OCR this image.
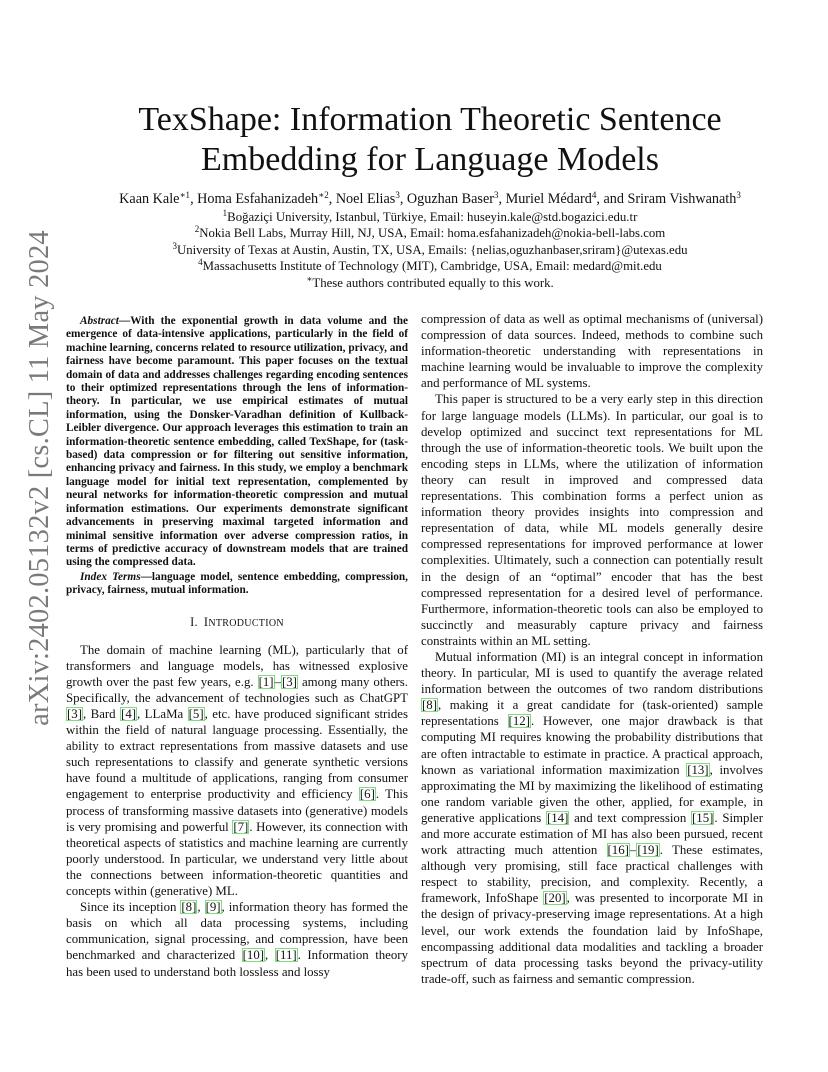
arXiv:2402.05132v2 [cs.CL] 11 May 2024
TexShape: Information Theoretic Sentence Embedding for Language Models
Kaan Kale$^{∗1}$, Homa Esfahanizadeh$^{∗2}$, Noel Elias$^3$, Oguzhan Baser$^3$, Muriel Médard$^4$, and Sriram Vishwanath$^3$
$^1$Boğaziçi University, Istanbul, Türkiye, Email: huseyin.kale@std.bogazici.edu.tr
$^2$Nokia Bell Labs, Murray Hill, NJ, USA, Email: homa.esfahanizadeh@nokia-bell-labs.com
$^3$University of Texas at Austin, Austin, TX, USA, Emails: {nelias,oguzhanbaser,sriram}@utexas.edu
$^4$Massachusetts Institute of Technology (MIT), Cambridge, USA, Email: medard@mit.edu
∗These authors contributed equally to this work.

Abstract—With the exponential growth in data volume and the emergence of data-intensive applications, particularly in the field of machine learning, concerns related to resource utilization, privacy, and fairness have become paramount. This paper focuses on the textual domain of data and addresses challenges regarding encoding sentences to their optimized representations through the lens of information-theory. In particular, we use empirical estimates of mutual information, using the Donsker-Varadhan definition of Kullback-Leibler divergence. Our approach leverages this estimation to train an information-theoretic sentence embedding, called TexShape, for (task-based) data compression or for filtering out sensitive information, enhancing privacy and fairness. In this study, we employ a benchmark language model for initial text representation, complemented by neural networks for information-theoretic compression and mutual information estimations. Our experiments demonstrate significant advancements in preserving maximal targeted information and minimal sensitive information over adverse compression ratios, in terms of predictive accuracy of downstream models that are trained using the compressed data.

Index Terms—language model, sentence embedding, compression, privacy, fairness, mutual information.

I. INTRODUCTION

The domain of machine learning (ML), particularly that of transformers and language models, has witnessed explosive growth over the past few years, e.g. [1]–[3] among many others. Specifically, the advancement of technologies such as ChatGPT [3], Bard [4], LLaMa [5], etc. have produced significant strides within the field of natural language processing. Essentially, the ability to extract representations from massive datasets and use such representations to classify and generate synthetic versions have found a multitude of applications, ranging from consumer engagement to enterprise productivity and efficiency [6]. This process of transforming massive datasets into (generative) models is very promising and powerful [7]. However, its connection with theoretical aspects of statistics and machine learning are currently poorly understood. In particular, we understand very little about the connections between information-theoretic quantities and concepts within (generative) ML.

Since its inception [8], [9], information theory has formed the basis on which all data processing systems, including communication, signal processing, and compression, have been benchmarked and characterized [10], [11]. Information theory has been used to understand both lossless and lossy

compression of data as well as optimal mechanisms of (universal) compression of data sources. Indeed, methods to combine such information-theoretic understanding with representations in machine learning would be invaluable to improve the complexity and performance of ML systems.

This paper is structured to be a very early step in this direction for large language models (LLMs). In particular, our goal is to develop optimized and succinct text representations for ML through the use of information-theoretic tools. We built upon the encoding steps in LLMs, where the utilization of information theory can result in improved and compressed data representations. This combination forms a perfect union as information theory provides insights into compression and representation of data, while ML models generally desire compressed representations for improved performance at lower complexities. Ultimately, such a connection can potentially result in the design of an “optimal” encoder that has the best compressed representation for a desired level of performance. Furthermore, information-theoretic tools can also be employed to succinctly and measurably capture privacy and fairness constraints within an ML setting.

Mutual information (MI) is an integral concept in information theory. In particular, MI is used to quantify the average related information between the outcomes of two random distributions [8], making it a great candidate for (task-oriented) sample representations [12]. However, one major drawback is that computing MI requires knowing the probability distributions that are often intractable to estimate in practice. A practical approach, known as variational information maximization [13], involves approximating the MI by maximizing the likelihood of estimating one random variable given the other, applied, for example, in generative applications [14] and text compression [15]. Simpler and more accurate estimation of MI has also been pursued, recent work attracting much attention [16]–[19]. These estimates, although very promising, still face practical challenges with respect to stability, precision, and complexity. Recently, a framework, InfoShape [20], was presented to incorporate MI in the design of privacy-preserving image representations. At a high level, our work extends the foundation laid by InfoShape, encompassing additional data modalities and tackling a broader spectrum of data processing tasks beyond the privacy-utility trade-off, such as fairness and semantic compression.
